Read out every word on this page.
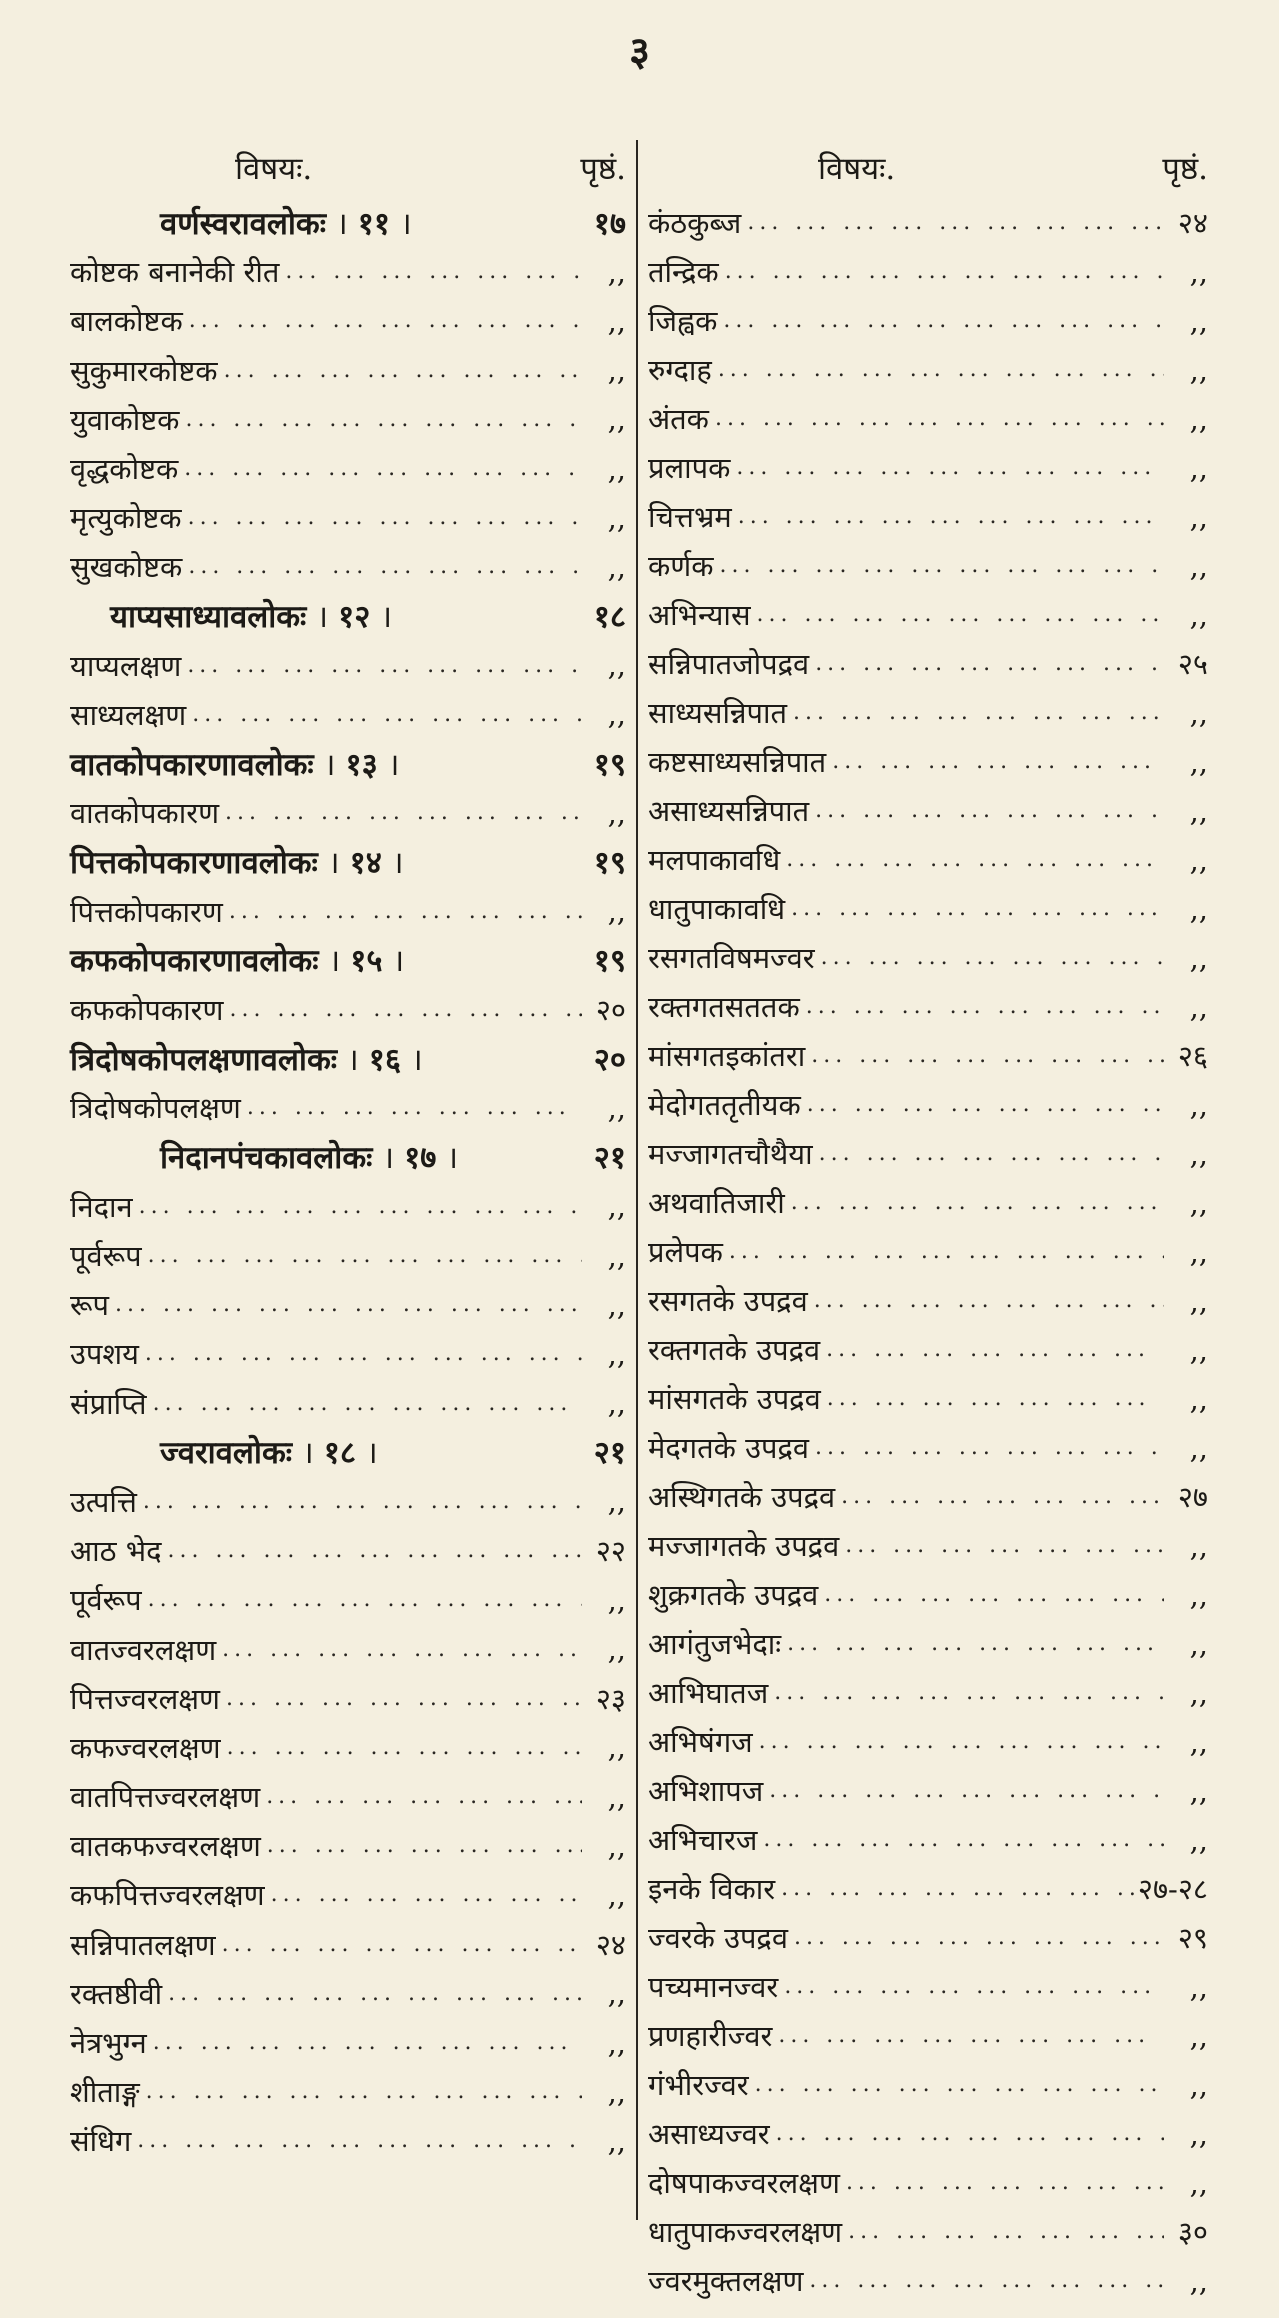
३
विषयः.	पृष्ठं.
वर्णस्वरावलोकः । ११ ।	१७
कोष्टक बनानेकी रीत ... .	,,
बालकोष्टक ... .	,,
सुकुमारकोष्टक ... .	,,
युवाकोष्टक ... .	,,
वृद्धकोष्टक ... .	,,
मृत्युकोष्टक ... .	,,
सुखकोष्टक ... .	,,
याप्यसाध्यावलोकः । १२ ।	१८
याप्यलक्षण ... .	,,
साध्यलक्षण ... .	,,
वातकोपकारणावलोकः । १३ ।	१९
वातकोपकारण ... .	,,
पित्तकोपकारणावलोकः । १४ ।	१९
पित्तकोपकारण ... .	,,
कफकोपकारणावलोकः । १५ ।	१९
कफकोपकारण ... .	२०
त्रिदोषकोपलक्षणावलोकः । १६ ।	२०
त्रिदोषकोपलक्षण ... .	,,
निदानपंचकावलोकः । १७ ।	२१
निदान ... .	,,
पूर्वरूप ... .	,,
रूप ... .	,,
उपशय ... .	,,
संप्राप्ति ... .	,,
ज्वरावलोकः । १८ ।	२१
उत्पत्ति ... .	,,
आठ भेद ... .	२२
पूर्वरूप ... .	,,
वातज्वरलक्षण ... .	,,
पित्तज्वरलक्षण ... .	२३
कफज्वरलक्षण ... .	,,
वातपित्तज्वरलक्षण ... .	,,
वातकफज्वरलक्षण ... .	,,
कफपित्तज्वरलक्षण ... .	,,
सन्निपातलक्षण ... .	२४
रक्तष्ठीवी ... .	,,
नेत्रभुग्न ... .	,,
शीताङ्ग ... .	,,
संधिग ... .	,,
विषयः.	पृष्ठं.
कंठकुब्ज ... .	२४
तन्द्रिक ... .	,,
जिह्वक ... .	,,
रुग्दाह ... .	,,
अंतक ... .	,,
प्रलापक ... .	,,
चित्तभ्रम ... .	,,
कर्णक ... .	,,
अभिन्यास ... .	,,
सन्निपातजोपद्रव ... .	२५
साध्यसन्निपात ... .	,,
कष्टसाध्यसन्निपात ... .	,,
असाध्यसन्निपात ... .	,,
मलपाकावधि ... .	,,
धातुपाकावधि ... .	,,
रसगतविषमज्वर ... .	,,
रक्तगतसततक ... .	,,
मांसगतइकांतरा ... .	२६
मेदोगततृतीयक ... .	,,
मज्जागतचौथैया ... .	,,
अथवातिजारी ... .	,,
प्रलेपक ... .	,,
रसगतके उपद्रव ... .	,,
रक्तगतके उपद्रव ... .	,,
मांसगतके उपद्रव ... .	,,
मेदगतके उपद्रव ... .	,,
अस्थिगतके उपद्रव ... .	२७
मज्जागतके उपद्रव ... .	,,
शुक्रगतके उपद्रव ... .	,,
आगंतुजभेदाः ... .	,,
आभिघातज ... .	,,
अभिषंगज ... .	,,
अभिशापज ... .	,,
अभिचारज ... .	,,
इनके विकार ... .	२७-२८
ज्वरके उपद्रव ... .	२९
पच्यमानज्वर ... .	,,
प्रणहारीज्वर ... .	,,
गंभीरज्वर ... .	,,
असाध्यज्वर ... .	,,
दोषपाकज्वरलक्षण ... .	,,
धातुपाकज्वरलक्षण ... .	३०
ज्वरमुक्तलक्षण ... .	,,
